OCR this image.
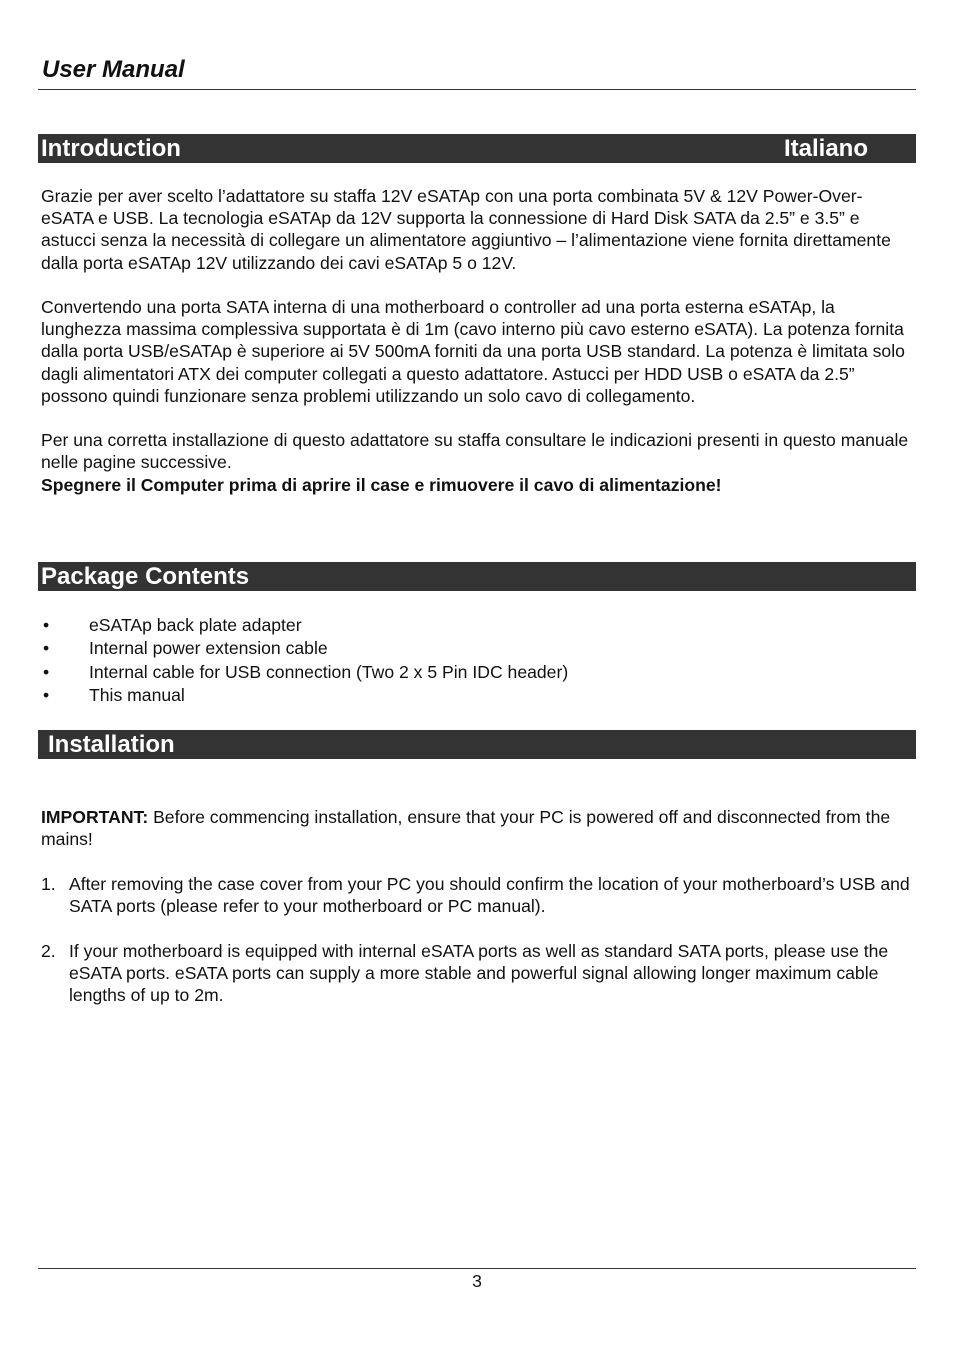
User Manual
Introduction	Italiano

Grazie per aver scelto l’adattatore su staffa 12V eSATAp con una porta combinata 5V & 12V Power-Over-eSATA e USB. La tecnologia eSATAp da 12V supporta la connessione di Hard Disk SATA da 2.5” e 3.5” e astucci senza la necessità di collegare un alimentatore aggiuntivo – l’alimentazione viene fornita direttamente dalla porta eSATAp 12V utilizzando dei cavi eSATAp 5 o 12V.

Convertendo una porta SATA interna di una motherboard o controller ad una porta esterna eSATAp, la lunghezza massima complessiva supportata è di 1m (cavo interno più cavo esterno eSATA). La potenza fornita dalla porta USB/eSATAp è superiore ai 5V 500mA forniti da una porta USB standard. La potenza è limitata solo dagli alimentatori ATX dei computer collegati a questo adattatore. Astucci per HDD USB o eSATA da 2.5” possono quindi funzionare senza problemi utilizzando un solo cavo di collegamento.

Per una corretta installazione di questo adattatore su staffa consultare le indicazioni presenti in questo manuale nelle pagine successive.

Spegnere il Computer prima di aprire il case e rimuovere il cavo di alimentazione!

Package Contents
• eSATAp back plate adapter
• Internal power extension cable
• Internal cable for USB connection (Two 2 x 5 Pin IDC header)
• This manual
Installation

IMPORTANT: Before commencing installation, ensure that your PC is powered off and disconnected from the mains!

1. After removing the case cover from your PC you should confirm the location of your motherboard’s USB and SATA ports (please refer to your motherboard or PC manual).
2. If your motherboard is equipped with internal eSATA ports as well as standard SATA ports, please use the eSATA ports. eSATA ports can supply a more stable and powerful signal allowing longer maximum cable lengths of up to 2m.
3
